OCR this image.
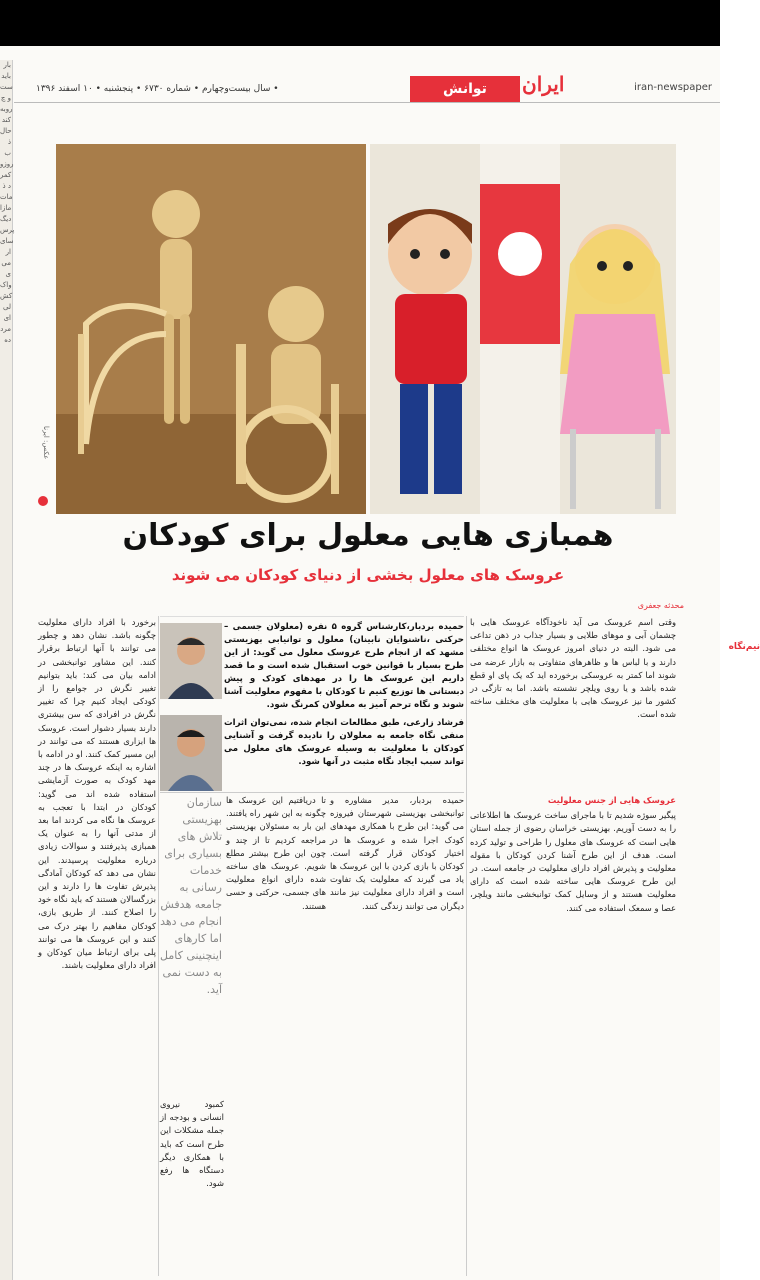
بار
باید
ست
و چ
روبه
کند
حال
ذ ب
روزو
کمر
د ذ
مات
مازا
دیگ
پرس
سای
ار
می
ی
واک
کش
لی
ای
مرد
ده
• سال بیست‌وچهارم • شماره ۶۷۳۰ • پنجشنبه • ۱۰ اسفند ۱۳۹۶	ایران
توانش	iran-newspaper
عکس: ایرنا
همبازی هایی معلول برای کودکان
عروسک های معلول بخشی از دنیای کودکان می شوند
محدثه جعفری

وقتی اسم عروسک می آید ناخودآگاه عروسک هایی با چشمان آبی و موهای طلایی و بسیار جذاب در ذهن تداعی می شود. البته در دنیای امروز عروسک ها انواع مختلفی دارند و با لباس ها و ظاهرهای متفاوتی به بازار عرضه می شوند اما کمتر به عروسکی برخورده اید که یک پای او قطع شده باشد و یا روی ویلچر نشسته باشد. اما به تازگی در کشور ما نیز عروسک هایی با معلولیت های مختلف ساخته شده است.

حمیده بردبار،کارشناس گروه ۵ نفره (معلولان جسمی – حرکتی ،ناشنوایان نابینان) معلول و توانیابی بهزیستی مشهد که از انجام طرح عروسک معلول می گوید: از این طرح بسیار با قوانین خوب استقبال شده است و ما قصد داریم این عروسک ها را در مهدهای کودک و پیش دبستانی ها توزیع کنیم تا کودکان با مفهوم معلولیت آشنا شوند و نگاه ترحم آمیز به معلولان کمرنگ شود.
فرشاد زارعی، طبق مطالعات انجام شده، نمی‌توان اثرات منفی نگاه جامعه به معلولان را نادیده گرفت و آشنایی کودکان با معلولیت به وسیله عروسک های معلول می تواند سبب ایجاد نگاه مثبت در آنها شود.
نیم‌نگاه

برخورد با افراد دارای معلولیت چگونه باشد. نشان دهد و چطور می توانند با آنها ارتباط برقرار کنند. این مشاور توانبخشی در ادامه بیان می کند: باید بتوانیم تغییر نگرش در جوامع را از کودکی ایجاد کنیم چرا که تغییر نگرش در افرادی که سن بیشتری دارند بسیار دشوار است. عروسک ها ابزاری هستند که می توانند در این مسیر کمک کنند. او در ادامه با اشاره به اینکه عروسک ها در چند مهد کودک به صورت آزمایشی استفاده شده اند می گوید: کودکان در ابتدا با تعجب به عروسک ها نگاه می کردند اما بعد از مدتی آنها را به عنوان یک همبازی پذیرفتند و سوالات زیادی درباره معلولیت پرسیدند. این نشان می دهد که کودکان آمادگی پذیرش تفاوت ها را دارند و این بزرگسالان هستند که باید نگاه خود را اصلاح کنند. از طریق بازی، کودکان مفاهیم را بهتر درک می کنند و این عروسک ها می توانند پلی برای ارتباط میان کودکان و افراد دارای معلولیت باشند.

عروسک هایی از جنس معلولیت

پیگیر سوژه شدیم تا با ماجرای ساخت عروسک ها اطلاعاتی را به دست آوریم. بهزیستی خراسان رضوی از جمله استان هایی است که عروسک های معلول را طراحی و تولید کرده است. هدف از این طرح آشنا کردن کودکان با مقوله معلولیت و پذیرش افراد دارای معلولیت در جامعه است. در این طرح عروسک هایی ساخته شده است که دارای معلولیت هستند و از وسایل کمک توانبخشی مانند ویلچر، عصا و سمعک استفاده می کنند.

حمیده بردبار، مدیر مشاوره و توانبخشی بهزیستی شهرستان فیروزه می گوید: این طرح با همکاری مهدهای کودک اجرا شده و عروسک ها در اختیار کودکان قرار گرفته است. کودکان با بازی کردن با این عروسک ها یاد می گیرند که معلولیت یک تفاوت است و افراد دارای معلولیت نیز مانند دیگران می توانند زندگی کنند.

تا دریافتیم این عروسک ها چگونه به این شهر راه یافتند. این بار به مسئولان بهزیستی مراجعه کردیم تا از چند و چون این طرح بیشتر مطلع شویم. عروسک های ساخته شده دارای انواع معلولیت های جسمی، حرکتی و حسی هستند.

سازمان بهزیستی تلاش های بسیاری برای خدمات رسانی به جامعه هدفش انجام می دهد اما کارهای اینچنینی کامل به دست نمی آید.

کمبود نیروی انسانی و بودجه از جمله مشکلات این طرح است که باید با همکاری دیگر دستگاه ها رفع شود.
